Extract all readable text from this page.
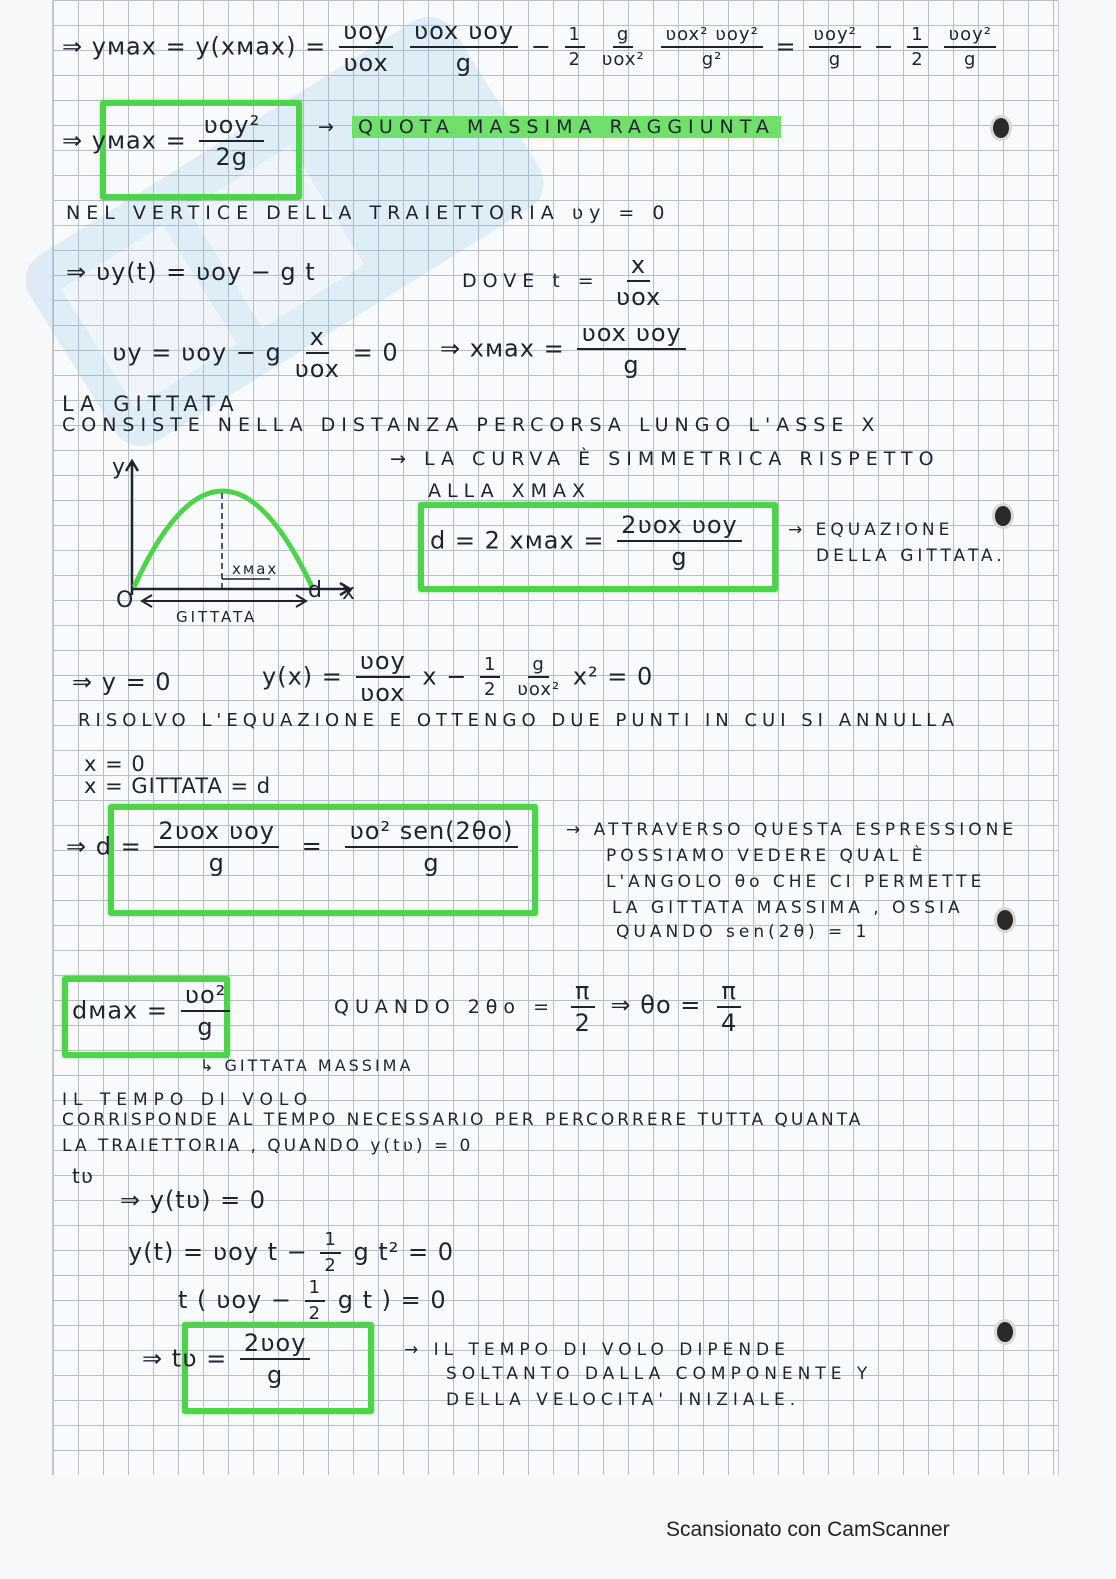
⇒ yмax = y(xмax) = $\frac{\text{ʋoy}}{\text{ʋox}}$
$\frac{\text{ʋox ʋoy}}{g} - \frac{1}{2}$
$\frac{g}{\text{ʋox²}}$
$\frac{\text{ʋox² ʋoy²}}{\text{g²}} = \frac{\text{ʋoy²}}{g} - \frac{1}{2}$
$\frac{\text{ʋoy²}}{g}$
⇒ yмax = $\frac{\text{ʋoy²}}{2g}$	→ QUOTA MASSIMA RAGGIUNTA
NEL VERTICE DELLA TRAIETTORIA ʋy = 0
⇒ ʋy(t) = ʋoy − g t	DOVE $t = \frac{x}{\text{ʋox}}$
ʋy = ʋoy − g $\frac{x}{\text{ʋox}} = 0$ ⇒ xмax = $\frac{\text{ʋox ʋoy}}{g}$
LA GITTATA
CONSISTE NELLA DISTANZA PERCORSA LUNGO L'ASSE X
y
x
O	d
xмax
GITTATA
→ LA CURVA È SIMMETRICA RISPETTO
ALLA XMAX
d = 2 xмax = $\frac{\text{2ʋox ʋoy}}{g}$	→ EQUAZIONE
DELLA GITTATA.
⇒ y = 0	$y(x) = \frac{\text{ʋoy}}{\text{ʋox}}$ $x - \frac{1}{2}$
$\frac{g}{\text{ʋox²}} x^2 = 0$
RISOLVO L'EQUAZIONE E OTTENGO DUE PUNTI IN CUI SI ANNULLA
x = 0
x = GITTATA = d
⇒ $d = \frac{\text{2ʋox ʋoy}}{g} = \frac{\text{ʋo² sen(2θo)}}{g}$	→ ATTRAVERSO QUESTA ESPRESSIONE
POSSIAMO VEDERE QUAL È
L'ANGOLO θo CHE CI PERMETTE
LA GITTATA MASSIMA , OSSIA
QUANDO sen(2θ) = 1
dмax = $\frac{\text{ʋo²}}{g}$	QUANDO $2\theta o = \frac{\pi}{2}$ ⇒ $\theta o = \frac{\pi}{4}$
↳ GITTATA MASSIMA
IL TEMPO DI VOLO
CORRISPONDE AL TEMPO NECESSARIO PER PERCORRERE TUTTA QUANTA
LA TRAIETTORIA , QUANDO y(tʋ) = 0
tʋ
⇒ y(tʋ) = 0
y(t) = ʋoy $t - \frac{1}{2}$ g t² = 0
t ( ʋoy − $\frac{1}{2}$ g t ) = 0
⇒ tʋ = $\frac{\text{2ʋoy}}{g}$	→ IL TEMPO DI VOLO DIPENDE
SOLTANTO DALLA COMPONENTE Y
DELLA VELOCITA' INIZIALE.
Scansionato con CamScanner
